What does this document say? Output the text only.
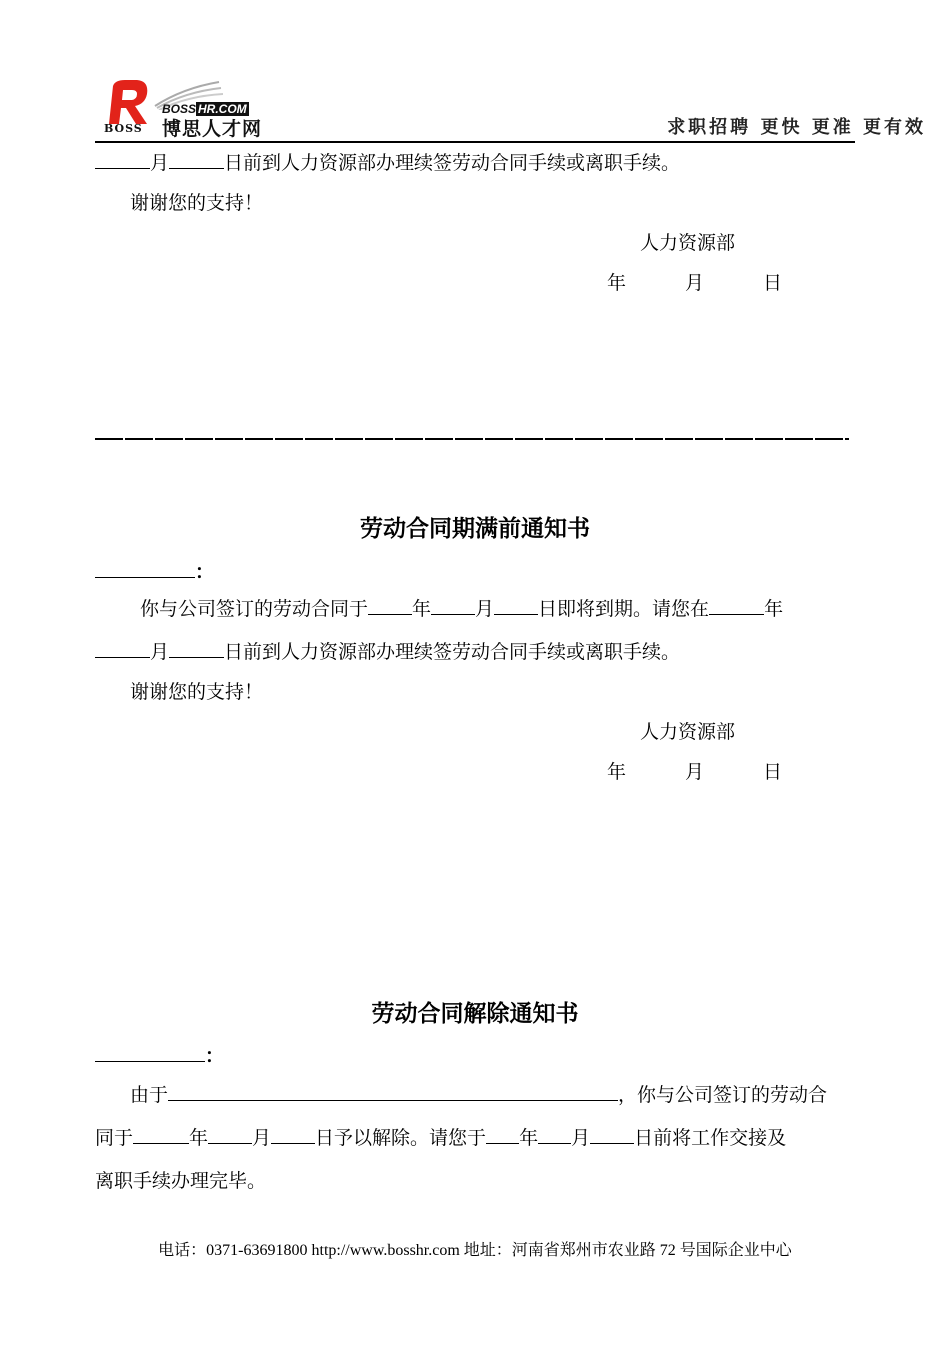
BOSS
BOSS HR.COM
博思人才网	求职招聘 更快 更准 更有效
月	日前到人力资源部办理续签劳动合同手续或离职手续。
谢谢您的支持！
人力资源部
年	月	日
劳动合同期满前通知书
：
你与公司签订的劳动合同于 年 月 日即将到期。请您在	年
月	日前到人力资源部办理续签劳动合同手续或离职手续。
谢谢您的支持！
人力资源部
年	月	日
劳动合同解除通知书
：
由于	，你与公司签订的劳动合
同于	年 月 日予以解除。请您于 年 月 日前将工作交接及
离职手续办理完毕。
电话：0371-63691800 http://www.bosshr.com 地址：河南省郑州市农业路 72 号国际企业中心
